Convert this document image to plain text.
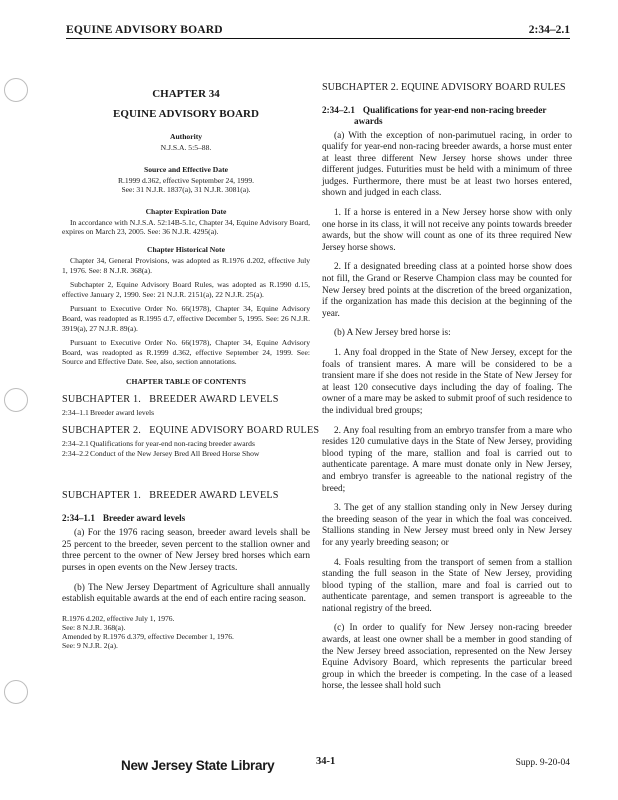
EQUINE ADVISORY BOARD	2:34–2.1
CHAPTER 34
EQUINE ADVISORY BOARD
Authority
N.J.S.A. 5:5–88.
Source and Effective Date
R.1999 d.362, effective September 24, 1999.
See: 31 N.J.R. 1837(a), 31 N.J.R. 3081(a).
Chapter Expiration Date

In accordance with N.J.S.A. 52:14B-5.1c, Chapter 34, Equine Advisory Board, expires on March 23, 2005. See: 36 N.J.R. 4295(a).

Chapter Historical Note

Chapter 34, General Provisions, was adopted as R.1976 d.202, effective July 1, 1976. See: 8 N.J.R. 368(a).

Subchapter 2, Equine Advisory Board Rules, was adopted as R.1990 d.15, effective January 2, 1990. See: 21 N.J.R. 2151(a), 22 N.J.R. 25(a).

Pursuant to Executive Order No. 66(1978), Chapter 34, Equine Advisory Board, was readopted as R.1995 d.7, effective December 5, 1995. See: 26 N.J.R. 3919(a), 27 N.J.R. 89(a).

Pursuant to Executive Order No. 66(1978), Chapter 34, Equine Advisory Board, was readopted as R.1999 d.362, effective September 24, 1999. See: Source and Effective Date. See, also, section annotations.

CHAPTER TABLE OF CONTENTS
SUBCHAPTER 1.   BREEDER AWARD LEVELS
2:34–1.1 Breeder award levels
SUBCHAPTER 2.   EQUINE ADVISORY BOARD RULES
2:34–2.1 Qualifications for year-end non-racing breeder awards
2:34–2.2 Conduct of the New Jersey Bred All Breed Horse Show
SUBCHAPTER 1.   BREEDER AWARD LEVELS
2:34–1.1 Breeder award levels

(a) For the 1976 racing season, breeder award levels shall be 25 percent to the breeder, seven percent to the stallion owner and three percent to the owner of New Jersey bred horses which earn purses in open events on the New Jersey tracts.

(b) The New Jersey Department of Agriculture shall annually establish equitable awards at the end of each entire racing season.

R.1976 d.202, effective July 1, 1976.
See: 8 N.J.R. 368(a).
Amended by R.1976 d.379, effective December 1, 1976.
See: 9 N.J.R. 2(a).
SUBCHAPTER 2. EQUINE ADVISORY BOARD RULES
2:34–2.1 Qualifications for year-end non-racing breeder awards

(a) With the exception of non-parimutuel racing, in order to qualify for year-end non-racing breeder awards, a horse must enter at least three different New Jersey horse shows under three different judges. Futurities must be held with a minimum of three judges. Furthermore, there must be at least two horses entered, shown and judged in each class.

1. If a horse is entered in a New Jersey horse show with only one horse in its class, it will not receive any points towards breeder awards, but the show will count as one of its three required New Jersey horse shows.

2. If a designated breeding class at a pointed horse show does not fill, the Grand or Reserve Champion class may be counted for New Jersey bred points at the discretion of the breed organization, if the organization has made this decision at the beginning of the year.

(b) A New Jersey bred horse is:

1. Any foal dropped in the State of New Jersey, except for the foals of transient mares. A mare will be considered to be a transient mare if she does not reside in the State of New Jersey for at least 120 consecutive days including the day of foaling. The owner of a mare may be asked to submit proof of such residence to the individual bred groups;

2. Any foal resulting from an embryo transfer from a mare who resides 120 cumulative days in the State of New Jersey, providing blood typing of the mare, stallion and foal is carried out to authenticate parentage. A mare must donate only in New Jersey, and embryo transfer is agreeable to the national registry of the breed;

3. The get of any stallion standing only in New Jersey during the breeding season of the year in which the foal was conceived. Stallions standing in New Jersey must breed only in New Jersey for any yearly breeding season; or

4. Foals resulting from the transport of semen from a stallion standing the full season in the State of New Jersey, providing blood typing of the stallion, mare and foal is carried out to authenticate parentage, and semen transport is agreeable to the national registry of the breed.

(c) In order to qualify for New Jersey non-racing breeder awards, at least one owner shall be a member in good standing of the New Jersey breed association, represented on the New Jersey Equine Advisory Board, which represents the particular breed group in which the breeder is competing. In the case of a leased horse, the lessee shall hold such

New Jersey State Library	34-1	Supp. 9-20-04
